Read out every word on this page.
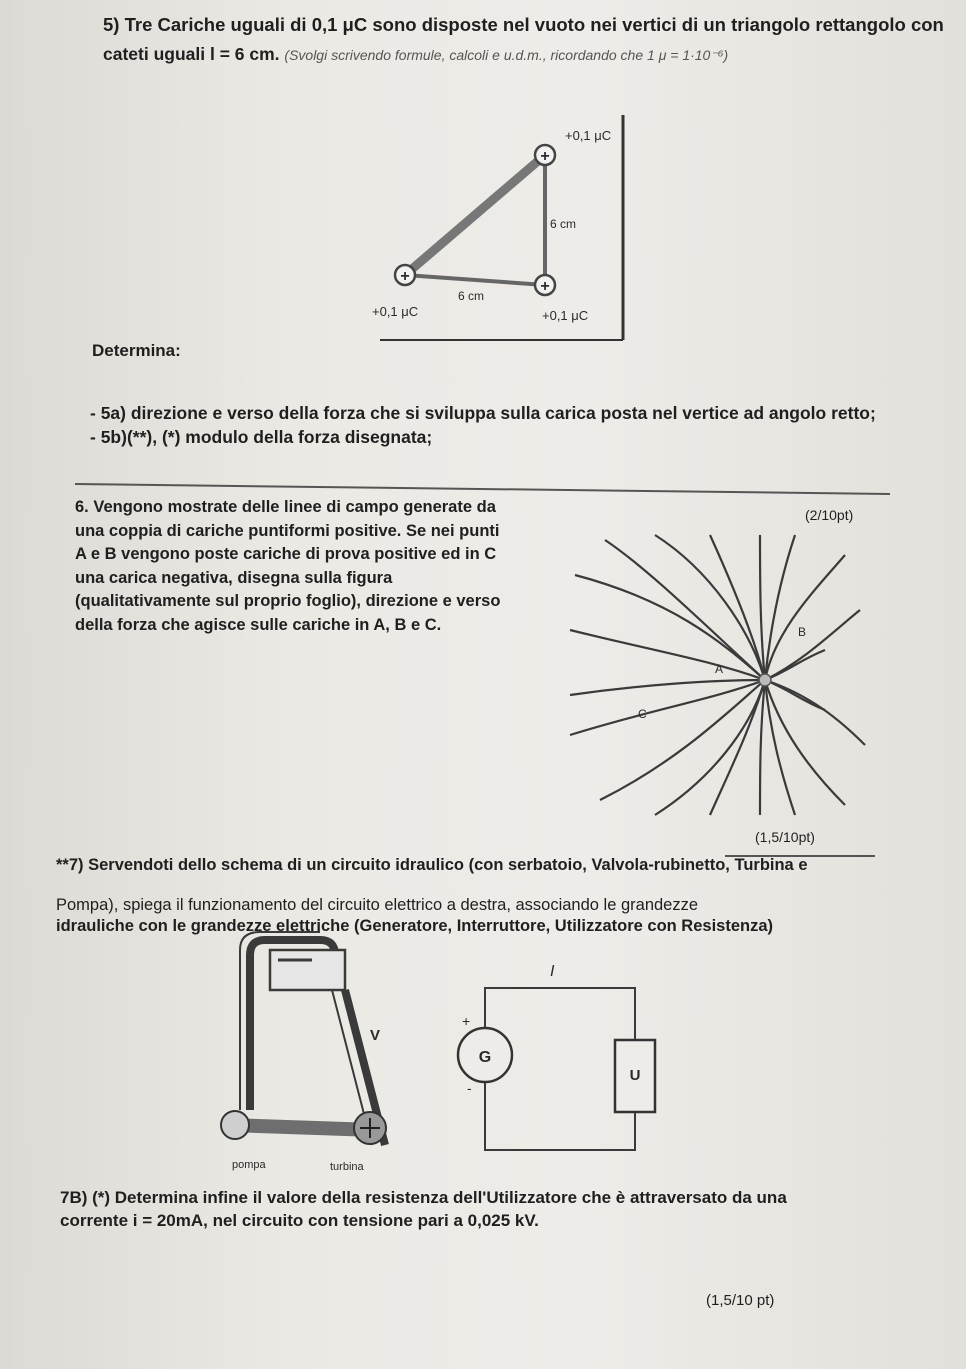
5) Tre Cariche uguali di 0,1 μC sono disposte nel vuoto nei vertici di un triangolo rettangolo con
cateti uguali l = 6 cm. (Svolgi scrivendo formule, calcoli e u.d.m., ricordando che 1 μ = 1·10⁻⁶)
+
+
+
+0,1 μC
6 cm
6 cm
+0,1 μC	+0,1 μC
Determina:
- 5a) direzione e verso della forza che si sviluppa sulla carica posta nel vertice ad angolo retto;
- 5b)(**), (*) modulo della forza disegnata;
6. Vengono mostrate delle linee di campo generate da
una coppia di cariche puntiformi positive. Se nei punti
A e B vengono poste cariche di prova positive ed in C
una carica negativa, disegna sulla figura
(qualitativamente sul proprio foglio), direzione e verso
della forza che agisce sulle cariche in A, B e C.
(2/10pt)
A
B
C
(1,5/10pt)
**7) Servendoti dello schema di un circuito idraulico (con serbatoio, Valvola-rubinetto, Turbina e
Pompa), spiega il funzionamento del circuito elettrico a destra, associando le grandezze
idrauliche con le grandezze elettriche (Generatore, Interruttore, Utilizzatore con Resistenza)
V
pompa	turbina
I
G
+
-
U
7B) (*) Determina infine il valore della resistenza dell'Utilizzatore che è attraversato da una
corrente i = 20mA, nel circuito con tensione pari a 0,025 kV.
(1,5/10 pt)
